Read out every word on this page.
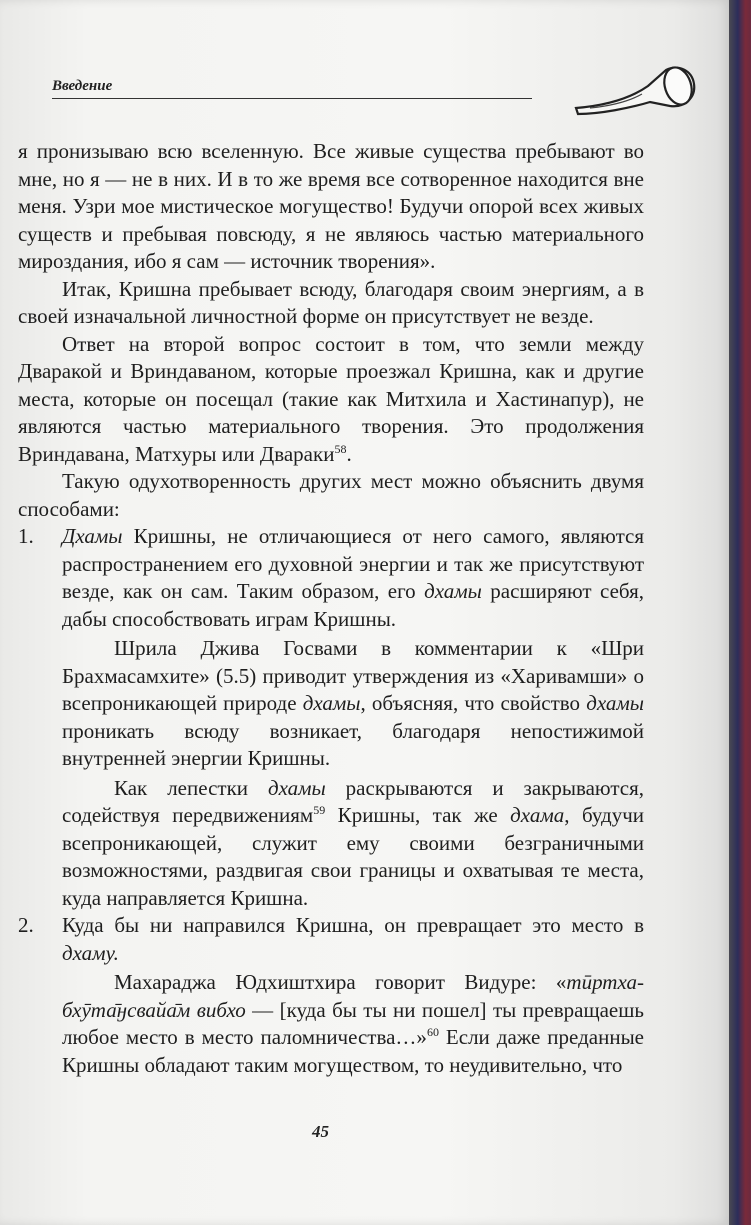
Введение

я пронизываю всю вселенную. Все живые существа пребывают во мне, но я — не в них. И в то же время все сотворенное находится вне меня. Узри мое мистическое могущество! Будучи опорой всех живых существ и пребывая повсюду, я не являюсь частью материального мироздания, ибо я сам — источник творения».

Итак, Кришна пребывает всюду, благодаря своим энергиям, а в своей изначальной личностной форме он присутствует не везде.

Ответ на второй вопрос состоит в том, что земли между Дваракой и Вриндаваном, которые проезжал Кришна, как и другие места, которые он посещал (такие как Митхила и Хастинапур), не являются частью материального творения. Это продолжения Вриндавана, Матхуры или Двараки$^{58}$.

Такую одухотворенность других мест можно объяснить двумя способами:

1.	Дхамы Кришны, не отличающиеся от него самого, являются распространением его духовной энергии и так же присутствуют везде, как он сам. Таким образом, его дхамы расширяют себя, дабы способствовать играм Кришны.

Шрила Джива Госвами в комментарии к «Шри Брахмасамхите» (5.5) приводит утверждения из «Харивамши» о всепроникающей природе дхамы, объясняя, что свойство дхамы проникать всюду возникает, благодаря непостижимой внутренней энергии Кришны.

Как лепестки дхамы раскрываются и закрываются, содействуя передвижениям$^{59}$ Кришны, так же дхама, будучи всепроникающей, служит ему своими безграничными возможностями, раздвигая свои границы и охватывая те места, куда направляется Кришна.

2.	Куда бы ни направился Кришна, он превращает это место в дхаму.

Махараджа Юдхиштхира говорит Видуре: «тӣртха-бхӯта̄ӈсвайа̄м вибхо — [куда бы ты ни пошел] ты превращаешь любое место в место паломничества…»$^{60}$ Если даже преданные Кришны обладают таким могуществом, то неудивительно, что

45
